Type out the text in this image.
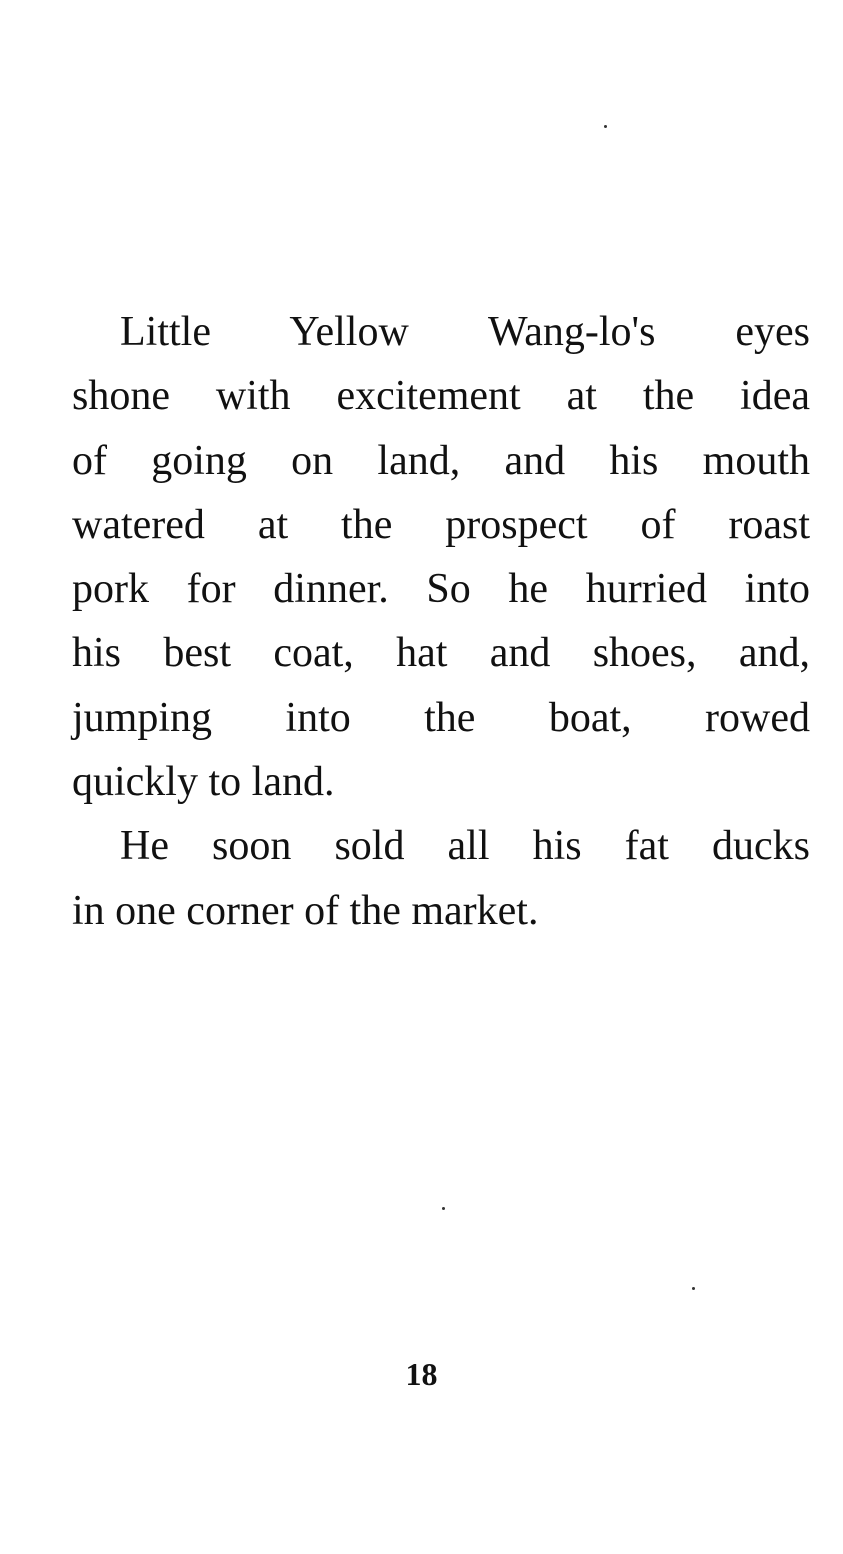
Little Yellow Wang-lo's eyes
shone with excitement at the idea
of going on land, and his mouth
watered at the prospect of roast
pork for dinner. So he hurried into
his best coat, hat and shoes, and,
jumping into the boat, rowed
quickly to land.
He soon sold all his fat ducks
in one corner of the market.
18
